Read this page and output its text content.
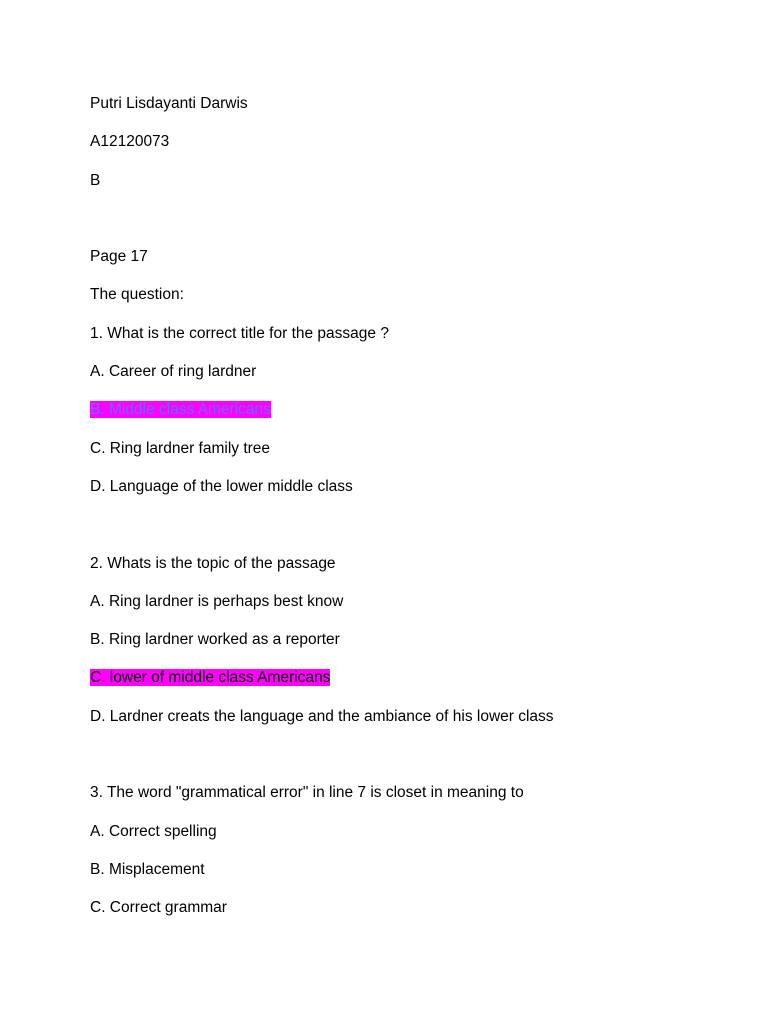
Putri Lisdayanti Darwis
A12120073
B
Page 17
The question:
1. What is the correct title for the passage ?
A. Career of ring lardner
B. Middle class Americans
C. Ring lardner family tree
D. Language of the lower middle class
2. Whats is the topic of the passage
A. Ring lardner is perhaps best know
B. Ring lardner worked as a reporter
C. lower of middle class Americans
D. Lardner creats the language and the ambiance of his lower class
3. The word "grammatical error" in line 7 is closet in meaning to
A. Correct spelling
B. Misplacement
C. Correct grammar
